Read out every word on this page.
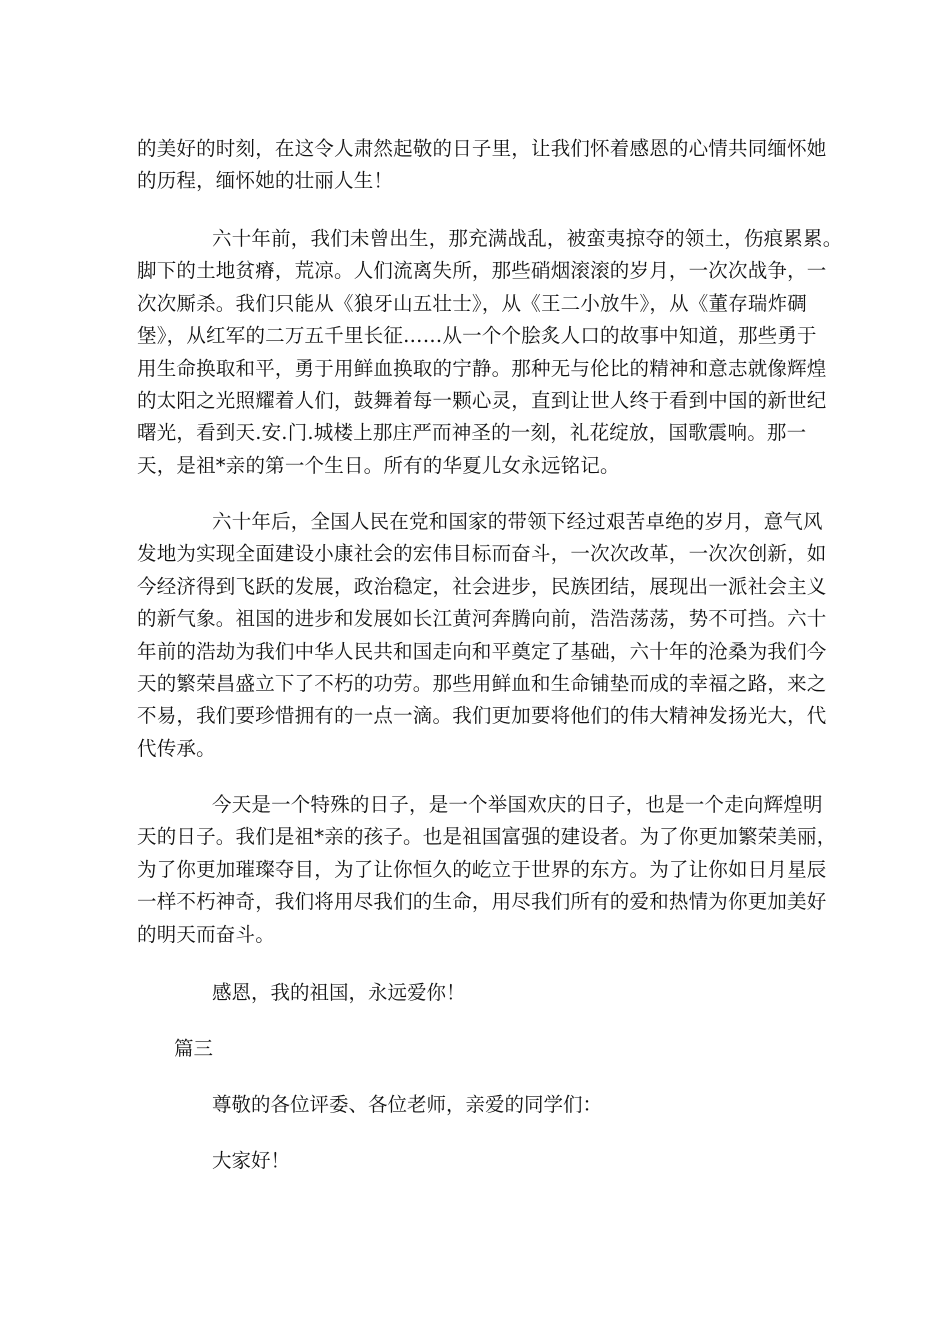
的美好的时刻，在这令人肃然起敬的日子里，让我们怀着感恩的心情共同缅怀她
的历程，缅怀她的壮丽人生！

六十年前，我们未曾出生，那充满战乱，被蛮夷掠夺的领土，伤痕累累。
脚下的土地贫瘠，荒凉。人们流离失所，那些硝烟滚滚的岁月，一次次战争，一
次次厮杀。我们只能从《狼牙山五壮士》，从《王二小放牛》，从《董存瑞炸碉
堡》，从红军的二万五千里长征……从一个个脍炙人口的故事中知道，那些勇于
用生命换取和平，勇于用鲜血换取的宁静。那种无与伦比的精神和意志就像辉煌
的太阳之光照耀着人们，鼓舞着每一颗心灵，直到让世人终于看到中国的新世纪
曙光，看到天.安.门.城楼上那庄严而神圣的一刻，礼花绽放，国歌震响。那一
天，是祖*亲的第一个生日。所有的华夏儿女永远铭记。

六十年后，全国人民在党和国家的带领下经过艰苦卓绝的岁月，意气风
发地为实现全面建设小康社会的宏伟目标而奋斗，一次次改革，一次次创新，如
今经济得到飞跃的发展，政治稳定，社会进步，民族团结，展现出一派社会主义
的新气象。祖国的进步和发展如长江黄河奔腾向前，浩浩荡荡，势不可挡。六十
年前的浩劫为我们中华人民共和国走向和平奠定了基础，六十年的沧桑为我们今
天的繁荣昌盛立下了不朽的功劳。那些用鲜血和生命铺垫而成的幸福之路，来之
不易，我们要珍惜拥有的一点一滴。我们更加要将他们的伟大精神发扬光大，代
代传承。

今天是一个特殊的日子，是一个举国欢庆的日子，也是一个走向辉煌明
天的日子。我们是祖*亲的孩子。也是祖国富强的建设者。为了你更加繁荣美丽，
为了你更加璀璨夺目，为了让你恒久的屹立于世界的东方。为了让你如日月星辰
一样不朽神奇，我们将用尽我们的生命，用尽我们所有的爱和热情为你更加美好
的明天而奋斗。

感恩，我的祖国，永远爱你！

篇三

尊敬的各位评委、各位老师，亲爱的同学们：

大家好！
